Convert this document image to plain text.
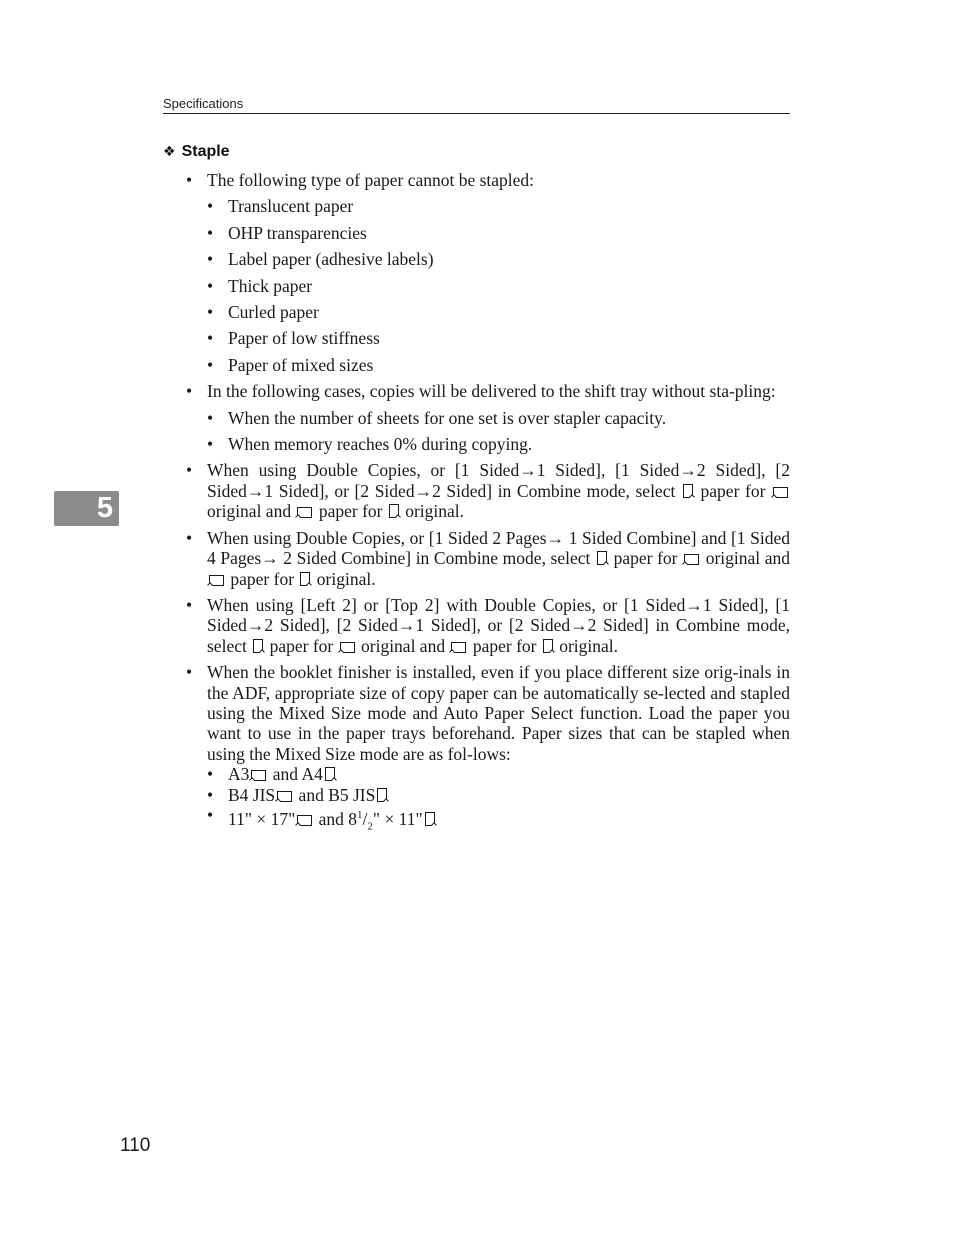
Specifications
❖ Staple
• The following type of paper cannot be stapled:
• Translucent paper
• OHP transparencies
• Label paper (adhesive labels)
• Thick paper
• Curled paper
• Paper of low stiffness
• Paper of mixed sizes
• In the following cases, copies will be delivered to the shift tray without sta-pling:
• When the number of sheets for one set is over stapler capacity.
• When memory reaches 0% during copying.
• When using Double Copies, or [1 Sided→1 Sided], [1 Sided→2 Sided], [2 Sided→1 Sided], or [2 Sided→2 Sided] in Combine mode, select paper for  original and paper for original.
• When using Double Copies, or [1 Sided 2 Pages→ 1 Sided Combine] and [1 Sided 4 Pages→ 2 Sided Combine] in Combine mode, select paper for original and  paper for original.
• When using [Left 2] or [Top 2] with Double Copies, or [1 Sided→1 Sided], [1 Sided→2 Sided], [2 Sided→1 Sided], or [2 Sided→2 Sided] in Combine mode, select paper for original and paper for original.
• When the booklet finisher is installed, even if you place different size orig-inals in the ADF, appropriate size of copy paper can be automatically se-lected and stapled using the Mixed Size mode and Auto Paper Select function. Load the paper you want to use in the paper trays beforehand. Paper sizes that can be stapled when using the Mixed Size mode are as fol-lows:
• A3 and A4
• B4 JIS and B5 JIS
• 11" × 17" and $8^1/_2$" × 11"
5
110
